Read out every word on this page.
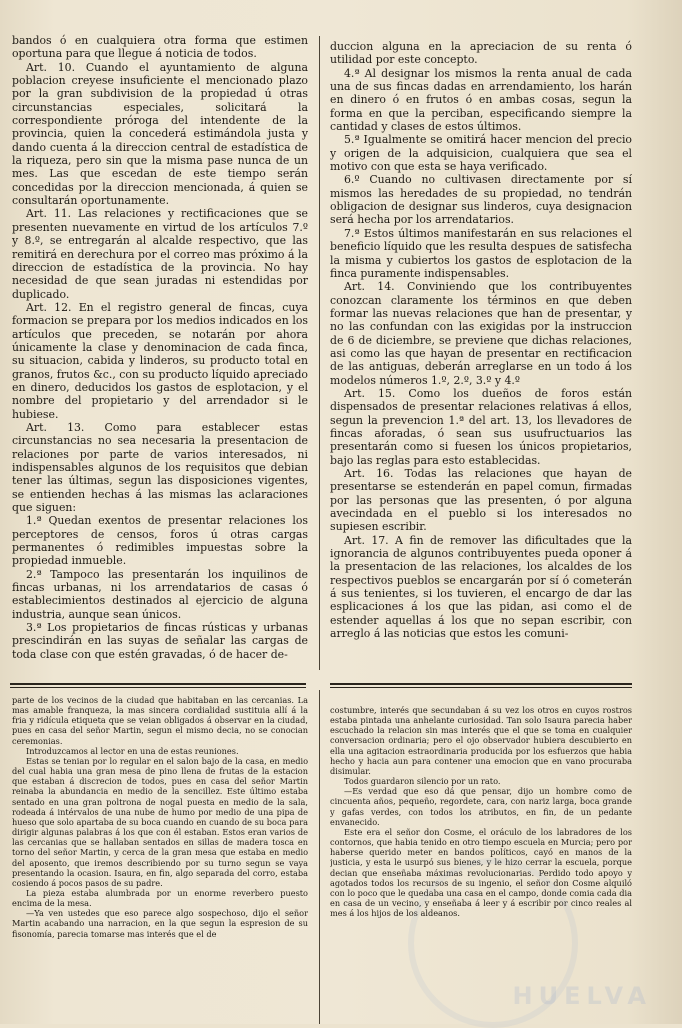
bandos ó en cualquiera otra forma que estimen oportuna para que llegue á noticia de todos.

Art. 10. Cuando el ayuntamiento de alguna poblacion creyese insuficiente el mencionado plazo por la gran subdivision de la propiedad ú otras circunstancias especiales, solicitará la correspondiente próroga del intendente de la provincia, quien la concederá estimándola justa y dando cuenta á la direccion central de estadística de la riqueza, pero sin que la misma pase nunca de un mes. Las que escedan de este tiempo serán concedidas por la direccion mencionada, á quien se consultarán oportunamente.

Art. 11. Las relaciones y rectificaciones que se presenten nuevamente en virtud de los artículos 7.º y 8.º, se entregarán al alcalde respectivo, que las remitirá en derechura por el correo mas próximo á la direccion de estadística de la provincia. No hay necesidad de que sean juradas ni estendidas por duplicado.

Art. 12. En el registro general de fincas, cuya formacion se prepara por los medios indicados en los artículos que preceden, se notarán por ahora únicamente la clase y denominacion de cada finca, su situacion, cabida y linderos, su producto total en granos, frutos &c., con su producto líquido apreciado en dinero, deducidos los gastos de esplotacion, y el nombre del propietario y del arrendador si le hubiese.

Art. 13. Como para establecer estas circunstancias no sea necesaria la presentacion de relaciones por parte de varios interesados, ni indispensables algunos de los requisitos que debian tener las últimas, segun las disposiciones vigentes, se entienden hechas á las mismas las aclaraciones que siguen:

1.ª Quedan exentos de presentar relaciones los perceptores de censos, foros ú otras cargas permanentes ó redimibles impuestas sobre la propiedad inmueble.

2.ª Tampoco las presentarán los inquilinos de fincas urbanas, ni los arrendatarios de casas ó establecimientos destinados al ejercicio de alguna industria, aunque sean únicos.

3.ª Los propietarios de fincas rústicas y urbanas prescindirán en las suyas de señalar las cargas de toda clase con que estén gravadas, ó de hacer de-

duccion alguna en la apreciacion de su renta ó utilidad por este concepto.

4.ª Al designar los mismos la renta anual de cada una de sus fincas dadas en arrendamiento, los harán en dinero ó en frutos ó en ambas cosas, segun la forma en que la perciban, especificando siempre la cantidad y clases de estos últimos.

5.ª Igualmente se omitirá hacer mencion del precio y origen de la adquisicion, cualquiera que sea el motivo con que esta se haya verificado.

6.º Cuando no cultivasen directamente por sí mismos las heredades de su propiedad, no tendrán obligacion de designar sus linderos, cuya designacion será hecha por los arrendatarios.

7.ª Estos últimos manifestarán en sus relaciones el beneficio líquido que les resulta despues de satisfecha la misma y cubiertos los gastos de esplotacion de la finca puramente indispensables.

Art. 14. Conviniendo que los contribuyentes conozcan claramente los términos en que deben formar las nuevas relaciones que han de presentar, y no las confundan con las exigidas por la instruccion de 6 de diciembre, se previene que dichas relaciones, asi como las que hayan de presentar en rectificacion de las antiguas, deberán arreglarse en un todo á los modelos números 1.º, 2.º, 3.º y 4.º

Art. 15. Como los dueños de foros están dispensados de presentar relaciones relativas á ellos, segun la prevencion 1.ª del art. 13, los llevadores de fincas aforadas, ó sean sus usufructuarios las presentarán como si fuesen los únicos propietarios, bajo las reglas para esto establecidas.

Art. 16. Todas las relaciones que hayan de presentarse se estenderán en papel comun, firmadas por las personas que las presenten, ó por alguna avecindada en el pueblo si los interesados no supiesen escribir.

Art. 17. A fin de remover las dificultades que la ignorancia de algunos contribuyentes pueda oponer á la presentacion de las relaciones, los alcaldes de los respectivos pueblos se encargarán por sí ó cometerán á sus tenientes, si los tuvieren, el encargo de dar las esplicaciones á los que las pidan, asi como el de estender aquellas á los que no sepan escribir, con arreglo á las noticias que estos les comuni-

parte de los vecinos de la ciudad que habitaban en las cercanias. La mas amable franqueza, la mas sincera cordialidad sustituia allí á la fria y ridícula etiqueta que se veian obligados á observar en la ciudad, pues en casa del señor Martin, segun el mismo decia, no se conocian ceremonias.

Introduzcamos al lector en una de estas reuniones.

Estas se tenian por lo regular en el salon bajo de la casa, en medio del cual habia una gran mesa de pino llena de frutas de la estacion que estaban á discrecion de todos, pues en casa del señor Martin reinaba la abundancia en medio de la sencillez. Este último estaba sentado en una gran poltrona de nogal puesta en medio de la sala, rodeada á intérvalos de una nube de humo por medio de una pipa de hueso que solo apartaba de su boca cuando en cuando de su boca para dirigir algunas palabras á los que con él estaban. Estos eran varios de las cercanias que se hallaban sentados en sillas de madera tosca en torno del señor Martin, y cerca de la gran mesa que estaba en medio del aposento, que iremos describiendo por su turno segun se vaya presentando la ocasion. Isaura, en fin, algo separada del corro, estaba cosiendo á pocos pasos de su padre.

La pieza estaba alumbrada por un enorme reverbero puesto encima de la mesa.

—Ya ven ustedes que eso parece algo sospechoso, dijo el señor Martin acabando una narracion, en la que segun la espresion de su fisonomía, parecia tomarse mas interés que el de

costumbre, interés que secundaban á su vez los otros en cuyos rostros estaba pintada una anhelante curiosidad. Tan solo Isaura parecia haber escuchado la relacion sin mas interés que el que se toma en cualquier conversacion ordinaria; pero el ojo observador hubiera descubierto en ella una agitacion estraordinaria producida por los esfuerzos que habia hecho y hacia aun para contener una emocion que en vano procuraba disimular.

Todos guardaron silencio por un rato.

—Es verdad que eso dá que pensar, dijo un hombre como de cincuenta años, pequeño, regordete, cara, con nariz larga, boca grande y gafas verdes, con todos los atributos, en fin, de un pedante envanecido.

Este era el señor don Cosme, el oráculo de los labradores de los contornos, que habia tenido en otro tiempo escuela en Murcia; pero por haberse querido meter en bandos políticos, cayó en manos de la justicia, y esta le usurpó sus bienes, y le hizo cerrar la escuela, porque decian que enseñaba máximas revolucionarias. Perdido todo apoyo y agotados todos los recursos de su ingenio, el señor don Cosme alquiló con lo poco que le quedaba una casa en el campo, donde comia cada dia en casa de un vecino, y enseñaba á leer y á escribir por cinco reales al mes á los hijos de los aldeanos.

HUELVA
